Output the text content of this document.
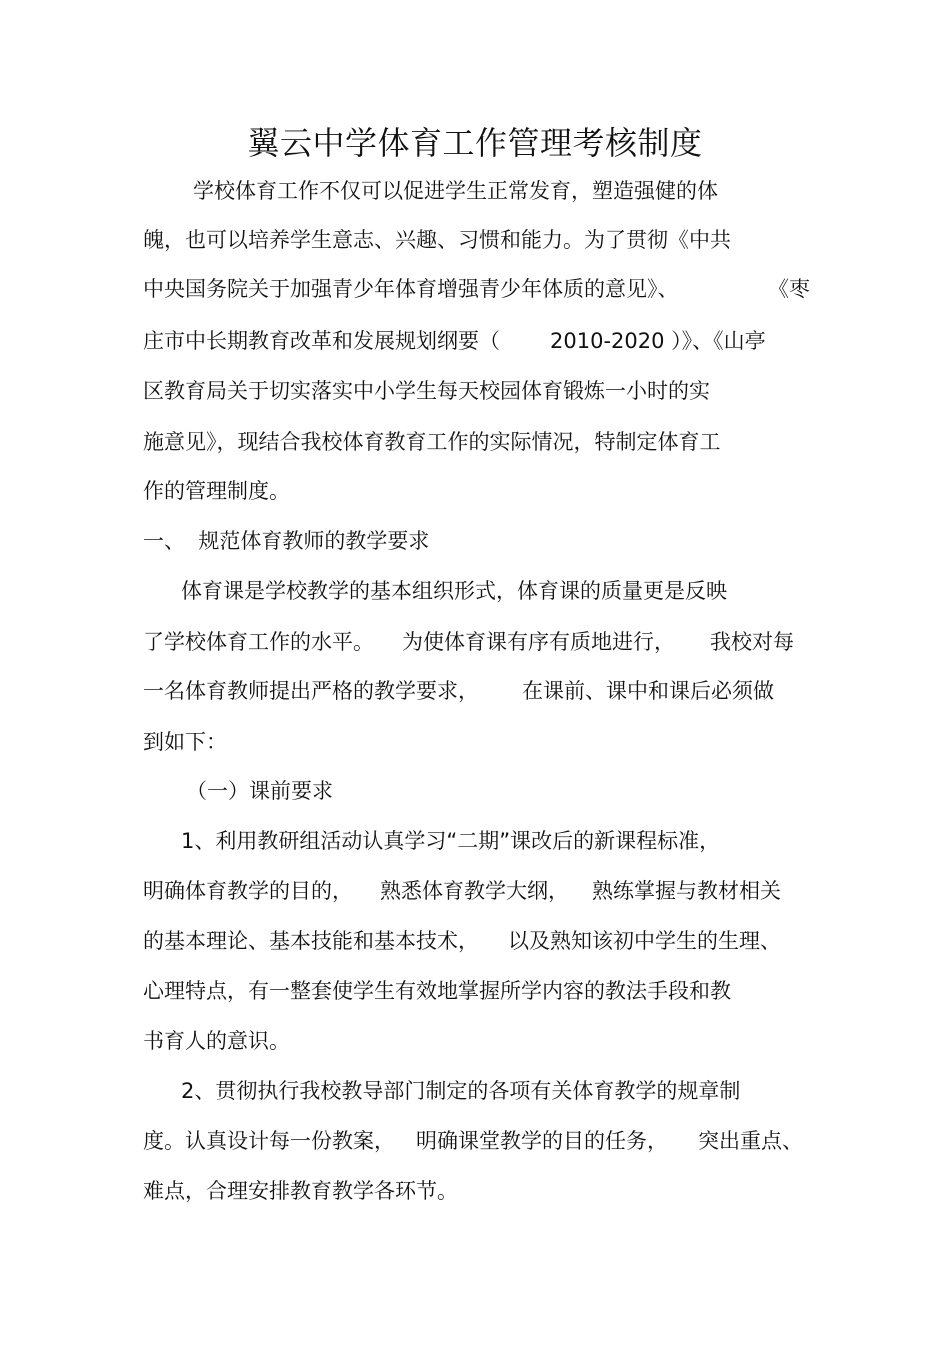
翼云中学体育工作管理考核制度
学校体育工作不仅可以促进学生正常发育，塑造强健的体
魄，也可以培养学生意志、兴趣、习惯和能力。为了贯彻《中共
中央国务院关于加强青少年体育增强青少年体质的意见》、	《枣
庄市中长期教育改革和发展规划纲要（ 2010-2020 ）》、《山亭
区教育局关于切实落实中小学生每天校园体育锻炼一小时的实
施意见》，现结合我校体育教育工作的实际情况，特制定体育工
作的管理制度。
一、  规范体育教师的教学要求
体育课是学校教学的基本组织形式，体育课的质量更是反映
了学校体育工作的水平。 为使体育课有序有质地进行， 我校对每
一名体育教师提出严格的教学要求， 在课前、课中和课后必须做
到如下：
（一）课前要求
1、利用教研组活动认真学习“二期”课改后的新课程标准，
明确体育教学的目的， 熟悉体育教学大纲， 熟练掌握与教材相关
的基本理论、基本技能和基本技术， 以及熟知该初中学生的生理、
心理特点，有一整套使学生有效地掌握所学内容的教法手段和教
书育人的意识。
2、贯彻执行我校教导部门制定的各项有关体育教学的规章制
度。认真设计每一份教案， 明确课堂教学的目的任务， 突出重点、
难点，合理安排教育教学各环节。
